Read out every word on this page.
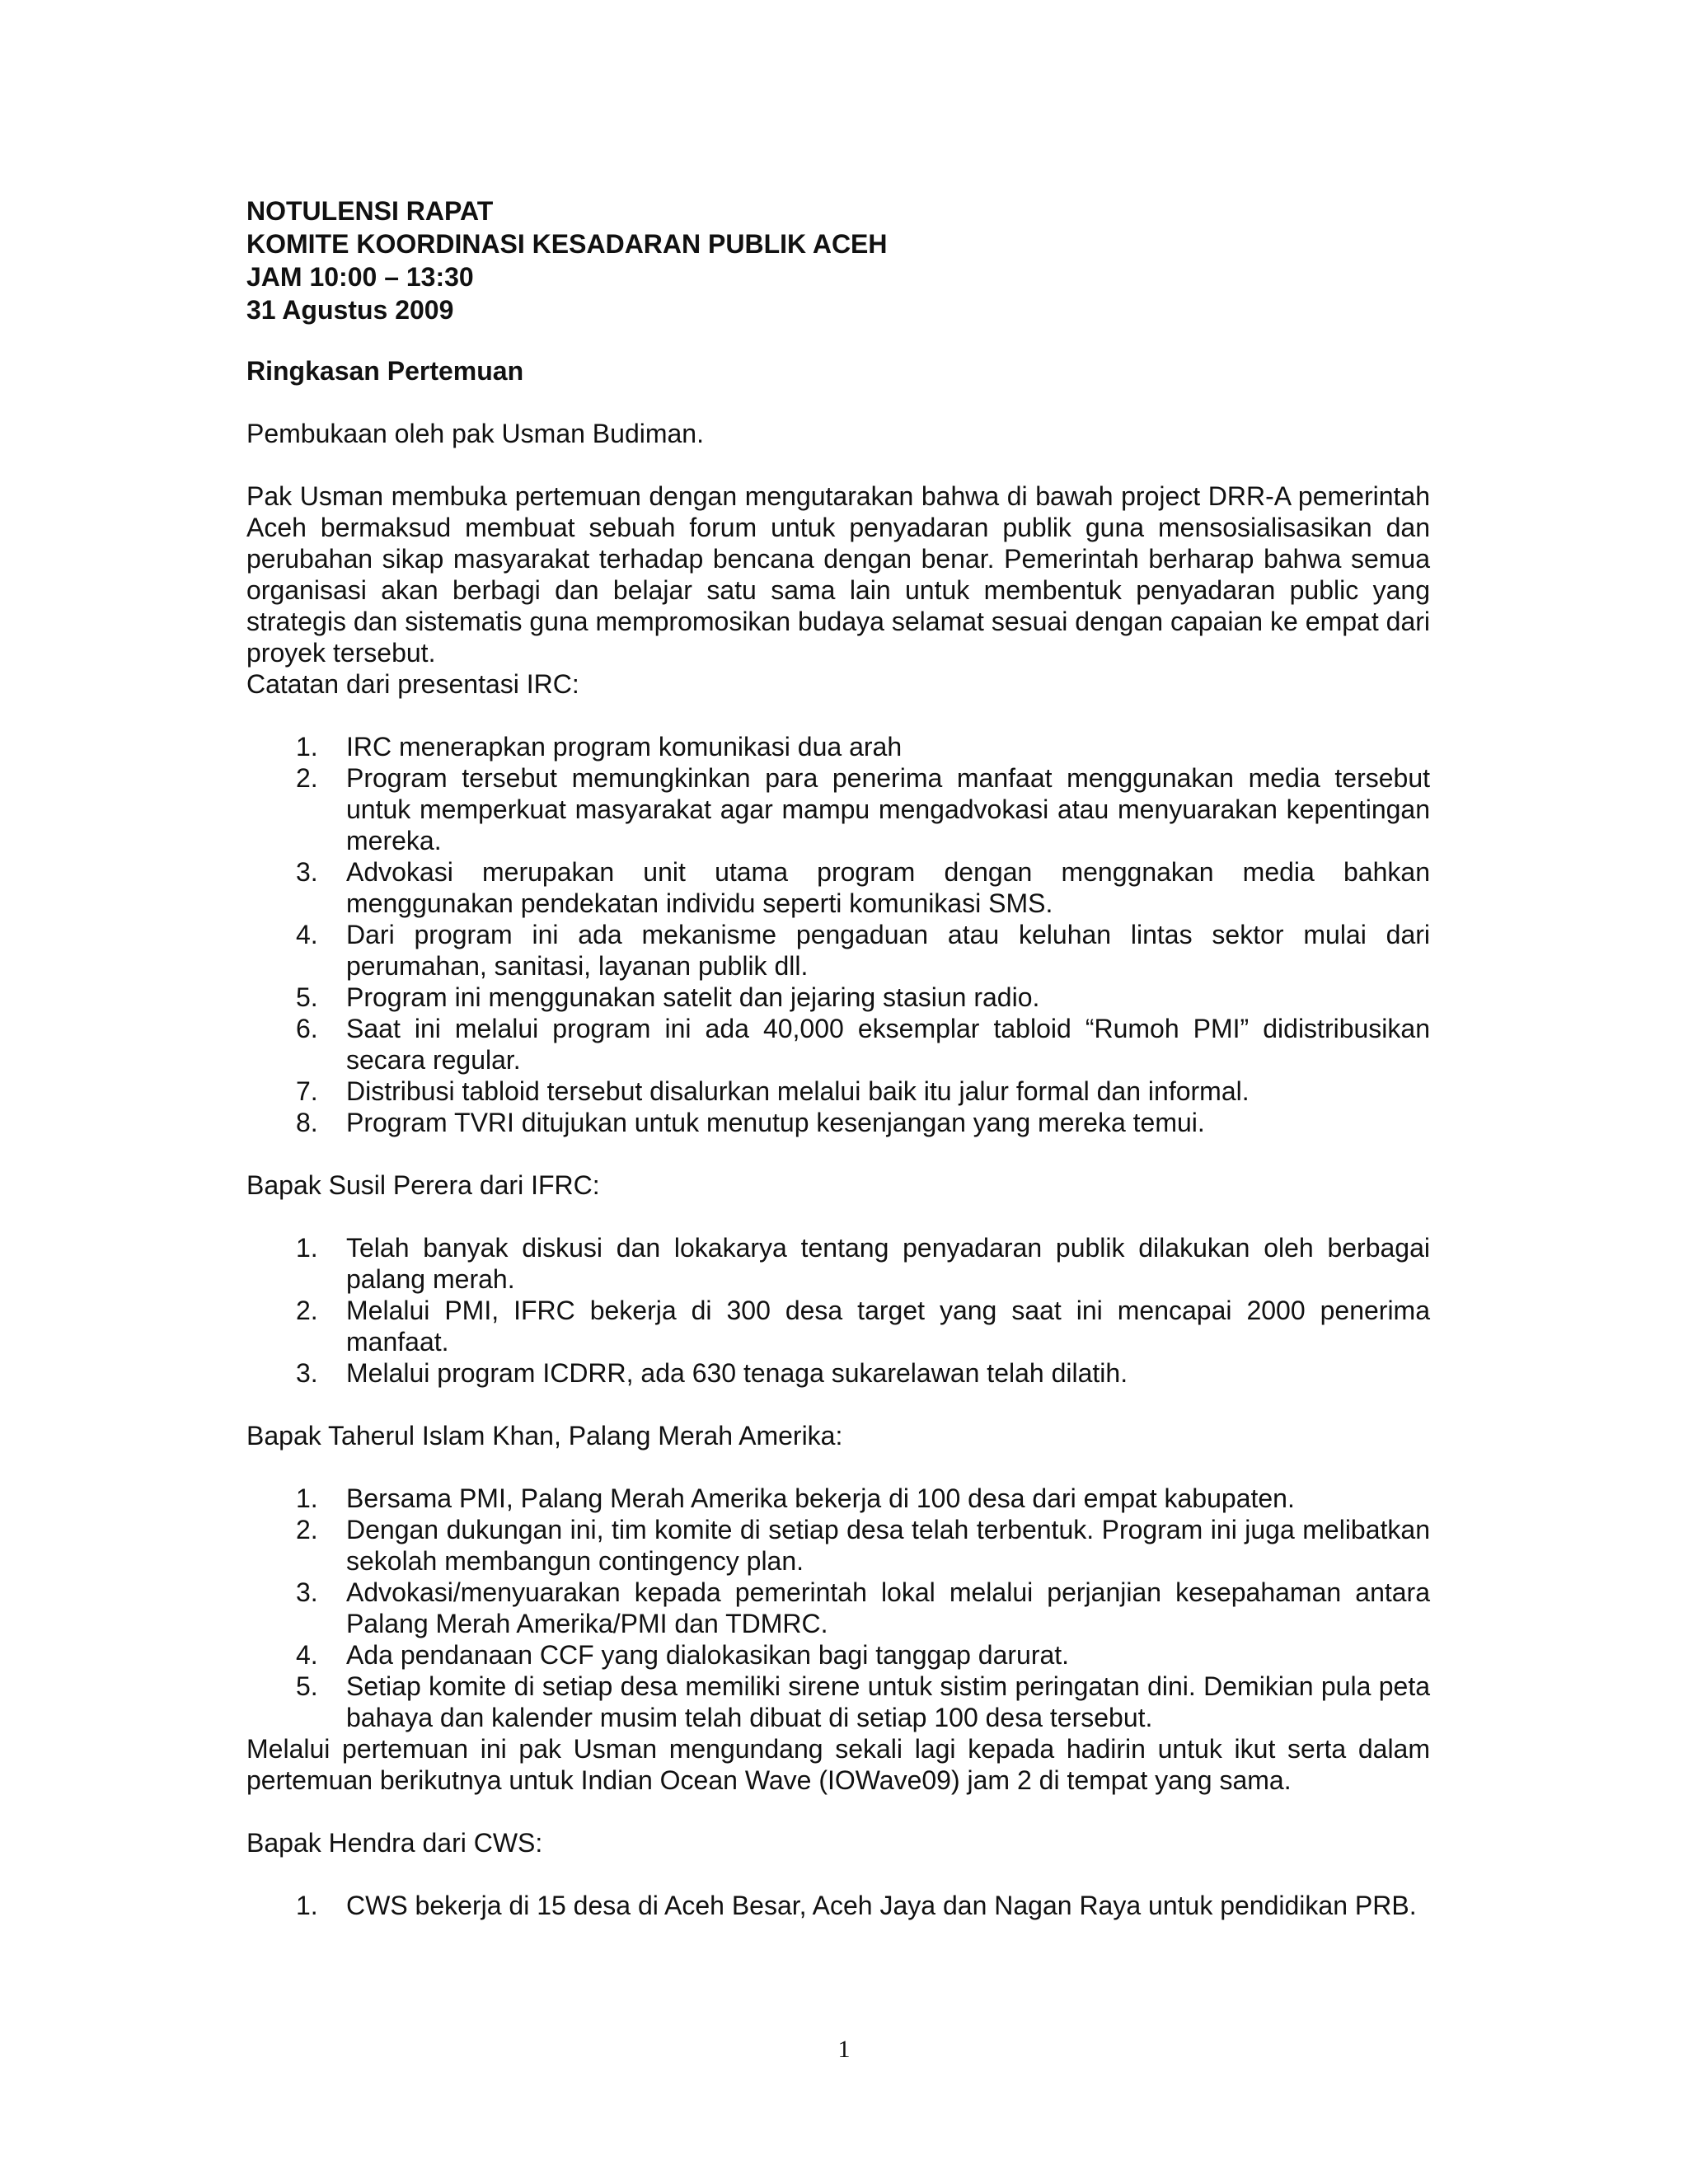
NOTULENSI RAPAT
KOMITE KOORDINASI KESADARAN PUBLIK ACEH
JAM 10:00 – 13:30
31 Agustus 2009

Ringkasan Pertemuan

Pembukaan oleh pak Usman Budiman.

Pak Usman membuka pertemuan dengan mengutarakan bahwa di bawah project DRR-A pemerintah Aceh bermaksud membuat sebuah forum untuk penyadaran publik guna mensosialisasikan dan perubahan sikap masyarakat terhadap bencana dengan benar. Pemerintah berharap bahwa semua organisasi akan berbagi dan belajar satu sama lain untuk membentuk penyadaran public yang strategis dan sistematis guna mempromosikan budaya selamat sesuai dengan capaian ke empat dari proyek tersebut.

Catatan dari presentasi IRC:

1. IRC menerapkan program komunikasi dua arah
2. Program tersebut memungkinkan para penerima manfaat menggunakan media tersebut untuk memperkuat masyarakat agar mampu mengadvokasi atau menyuarakan kepentingan mereka.
3. Advokasi merupakan unit utama program dengan menggnakan media bahkan menggunakan pendekatan individu seperti komunikasi SMS.
4. Dari program ini ada mekanisme pengaduan atau keluhan lintas sektor mulai dari perumahan, sanitasi, layanan publik dll.
5. Program ini menggunakan satelit dan jejaring stasiun radio.
6. Saat ini melalui program ini ada 40,000 eksemplar tabloid “Rumoh PMI” didistribusikan secara regular.
7. Distribusi tabloid tersebut disalurkan melalui baik itu jalur formal dan informal.
8. Program TVRI ditujukan untuk menutup kesenjangan yang mereka temui.

Bapak Susil Perera dari IFRC:

1. Telah banyak diskusi dan lokakarya tentang penyadaran publik dilakukan oleh berbagai palang merah.
2. Melalui PMI, IFRC bekerja di 300 desa target yang saat ini mencapai 2000 penerima manfaat.
3. Melalui program ICDRR, ada 630 tenaga sukarelawan telah dilatih.

Bapak Taherul Islam Khan, Palang Merah Amerika:

1. Bersama PMI, Palang Merah Amerika bekerja di 100 desa dari empat kabupaten.
2. Dengan dukungan ini, tim komite di setiap desa telah terbentuk. Program ini juga melibatkan sekolah membangun contingency plan.
3. Advokasi/menyuarakan kepada pemerintah lokal melalui perjanjian kesepahaman antara Palang Merah Amerika/PMI dan TDMRC.
4. Ada pendanaan CCF yang dialokasikan bagi tanggap darurat.
5. Setiap komite di setiap desa memiliki sirene untuk sistim peringatan dini. Demikian pula peta bahaya dan kalender musim telah dibuat di setiap 100 desa tersebut.

Melalui pertemuan ini pak Usman mengundang sekali lagi kepada hadirin untuk ikut serta dalam pertemuan berikutnya untuk Indian Ocean Wave (IOWave09) jam 2 di tempat yang sama.

Bapak Hendra dari CWS:

1. CWS bekerja di 15 desa di Aceh Besar, Aceh Jaya dan Nagan Raya untuk pendidikan PRB.
1
